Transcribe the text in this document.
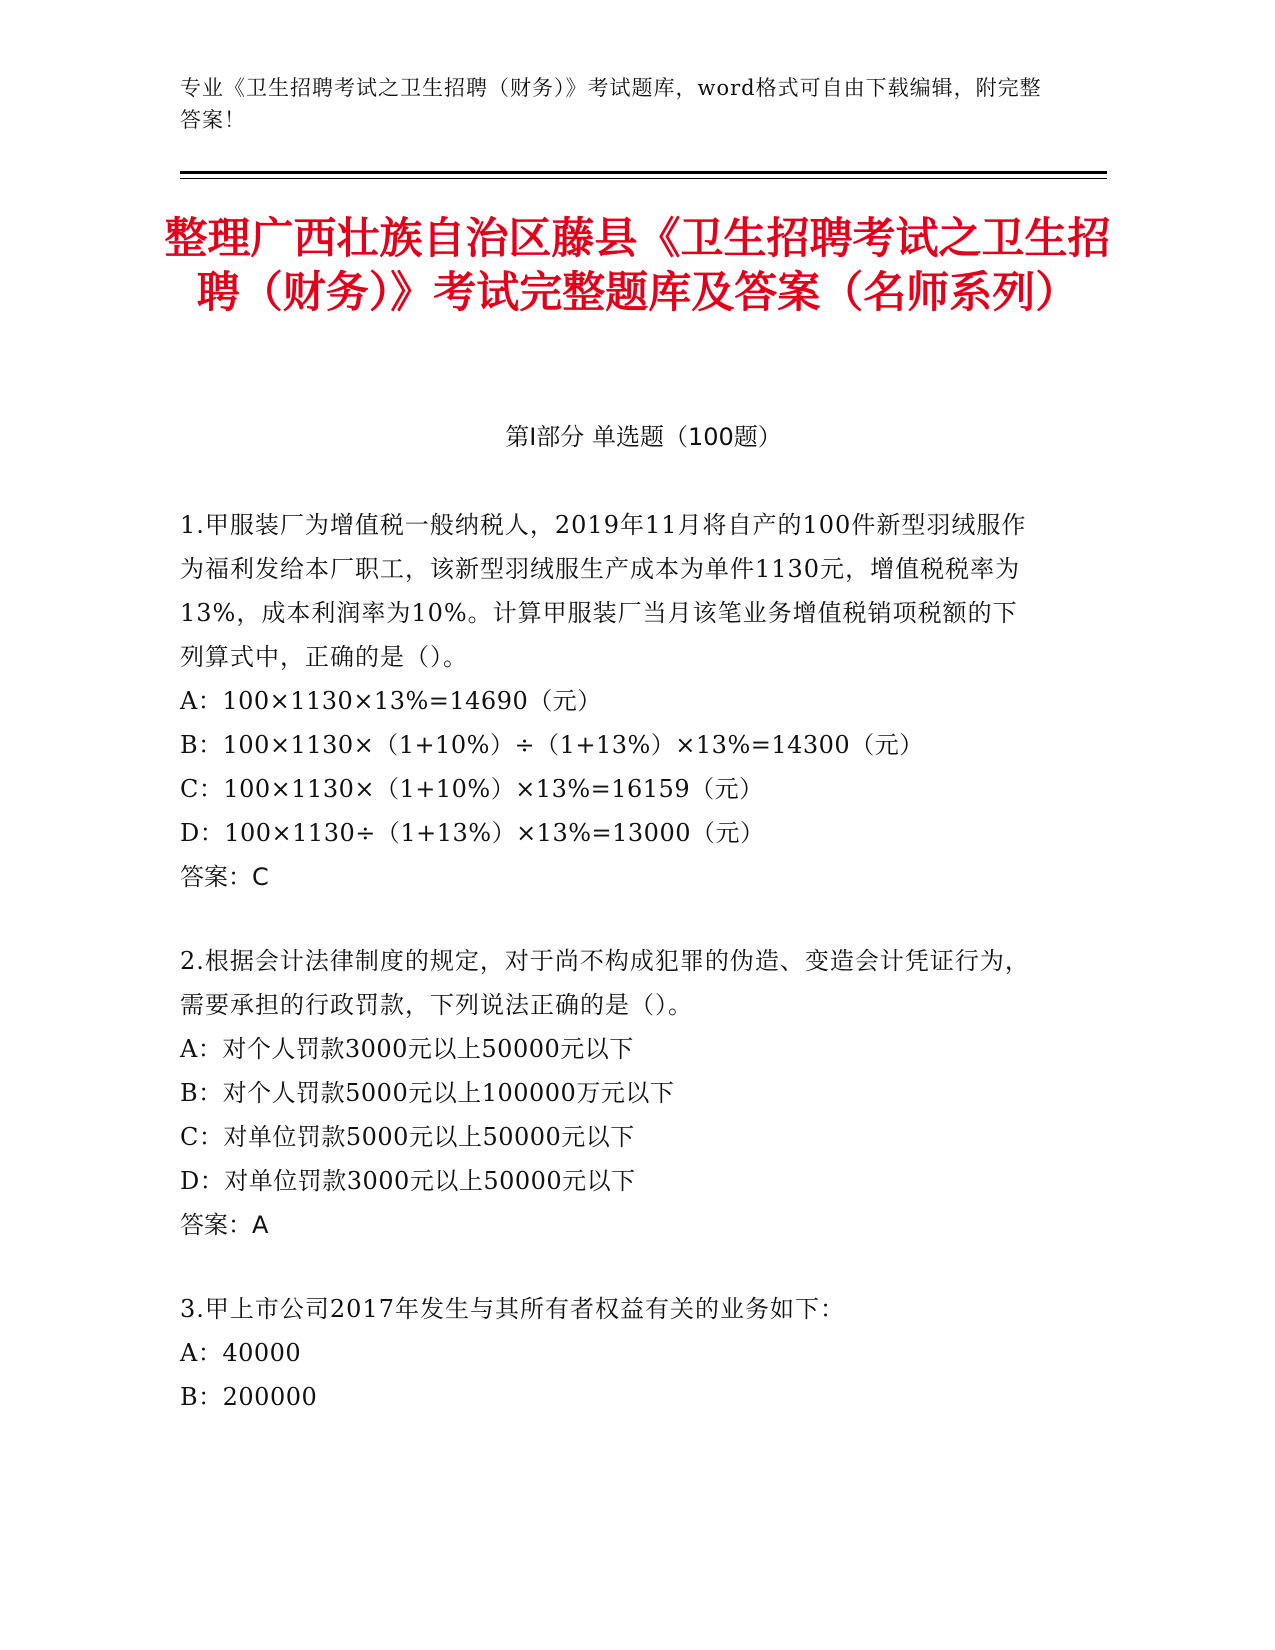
专业《卫生招聘考试之卫生招聘（财务）》考试题库，word格式可自由下载编辑，附完整答案！
整理广西壮族自治区藤县《卫生招聘考试之卫生招聘（财务）》考试完整题库及答案（名师系列）
第Ⅰ部分 单选题（100题）
1.甲服装厂为增值税一般纳税人，2019年11月将自产的100件新型羽绒服作为福利发给本厂职工，该新型羽绒服生产成本为单件1130元，增值税税率为13%，成本利润率为10%。计算甲服装厂当月该笔业务增值税销项税额的下列算式中，正确的是（）。
A：100×1130×13%=14690（元）
B：100×1130×（1+10%）÷（1+13%）×13%=14300（元）
C：100×1130×（1+10%）×13%=16159（元）
D：100×1130÷（1+13%）×13%=13000（元）
答案：C
2.根据会计法律制度的规定，对于尚不构成犯罪的伪造、变造会计凭证行为，需要承担的行政罚款，下列说法正确的是（）。
A：对个人罚款3000元以上50000元以下
B：对个人罚款5000元以上100000万元以下
C：对单位罚款5000元以上50000元以下
D：对单位罚款3000元以上50000元以下
答案：A
3.甲上市公司2017年发生与其所有者权益有关的业务如下：
A：40000
B：200000
